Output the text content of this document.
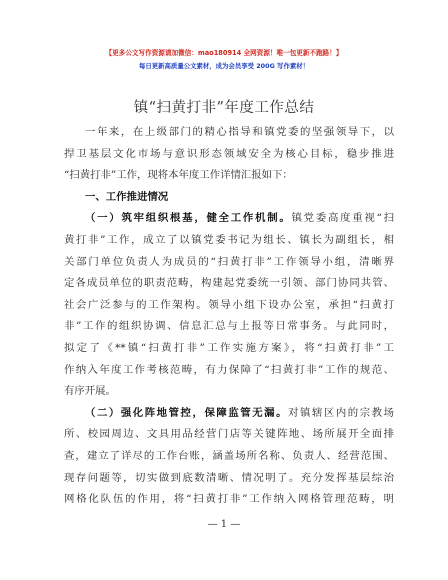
【更多公文写作资源请加微信：mao180914 全网资源！唯一包更新不跑路！】
每日更新高质量公文素材，成为会员享受 200G 写作素材！
镇“扫黄打非”年度工作总结
一年来，在上级部门的精心指导和镇党委的坚强领导下，以
捍卫基层文化市场与意识形态领域安全为核心目标，稳步推进
“扫黄打非”工作，现将本年度工作详情汇报如下：
一、工作推进情况
（一）筑牢组织根基，健全工作机制。镇党委高度重视“扫
黄打非”工作，成立了以镇党委书记为组长、镇长为副组长，相
关部门单位负责人为成员的“扫黄打非”工作领导小组，清晰界
定各成员单位的职责范畴，构建起党委统一引领、部门协同共管、
社会广泛参与的工作架构。领导小组下设办公室，承担“扫黄打
非”工作的组织协调、信息汇总与上报等日常事务。与此同时，
拟定了《**镇“扫黄打非”工作实施方案》，将“扫黄打非”工
作纳入年度工作考核范畴，有力保障了“扫黄打非”工作的规范、
有序开展。
（二）强化阵地管控，保障监管无漏。对镇辖区内的宗教场
所、校园周边、文具用品经营门店等关键阵地、场所展开全面排
查，建立了详尽的工作台账，涵盖场所名称、负责人、经营范围、
现存问题等，切实做到底数清晰、情况明了。充分发挥基层综治
网格化队伍的作用，将“扫黄打非”工作纳入网格管理范畴，明
— 1 —
